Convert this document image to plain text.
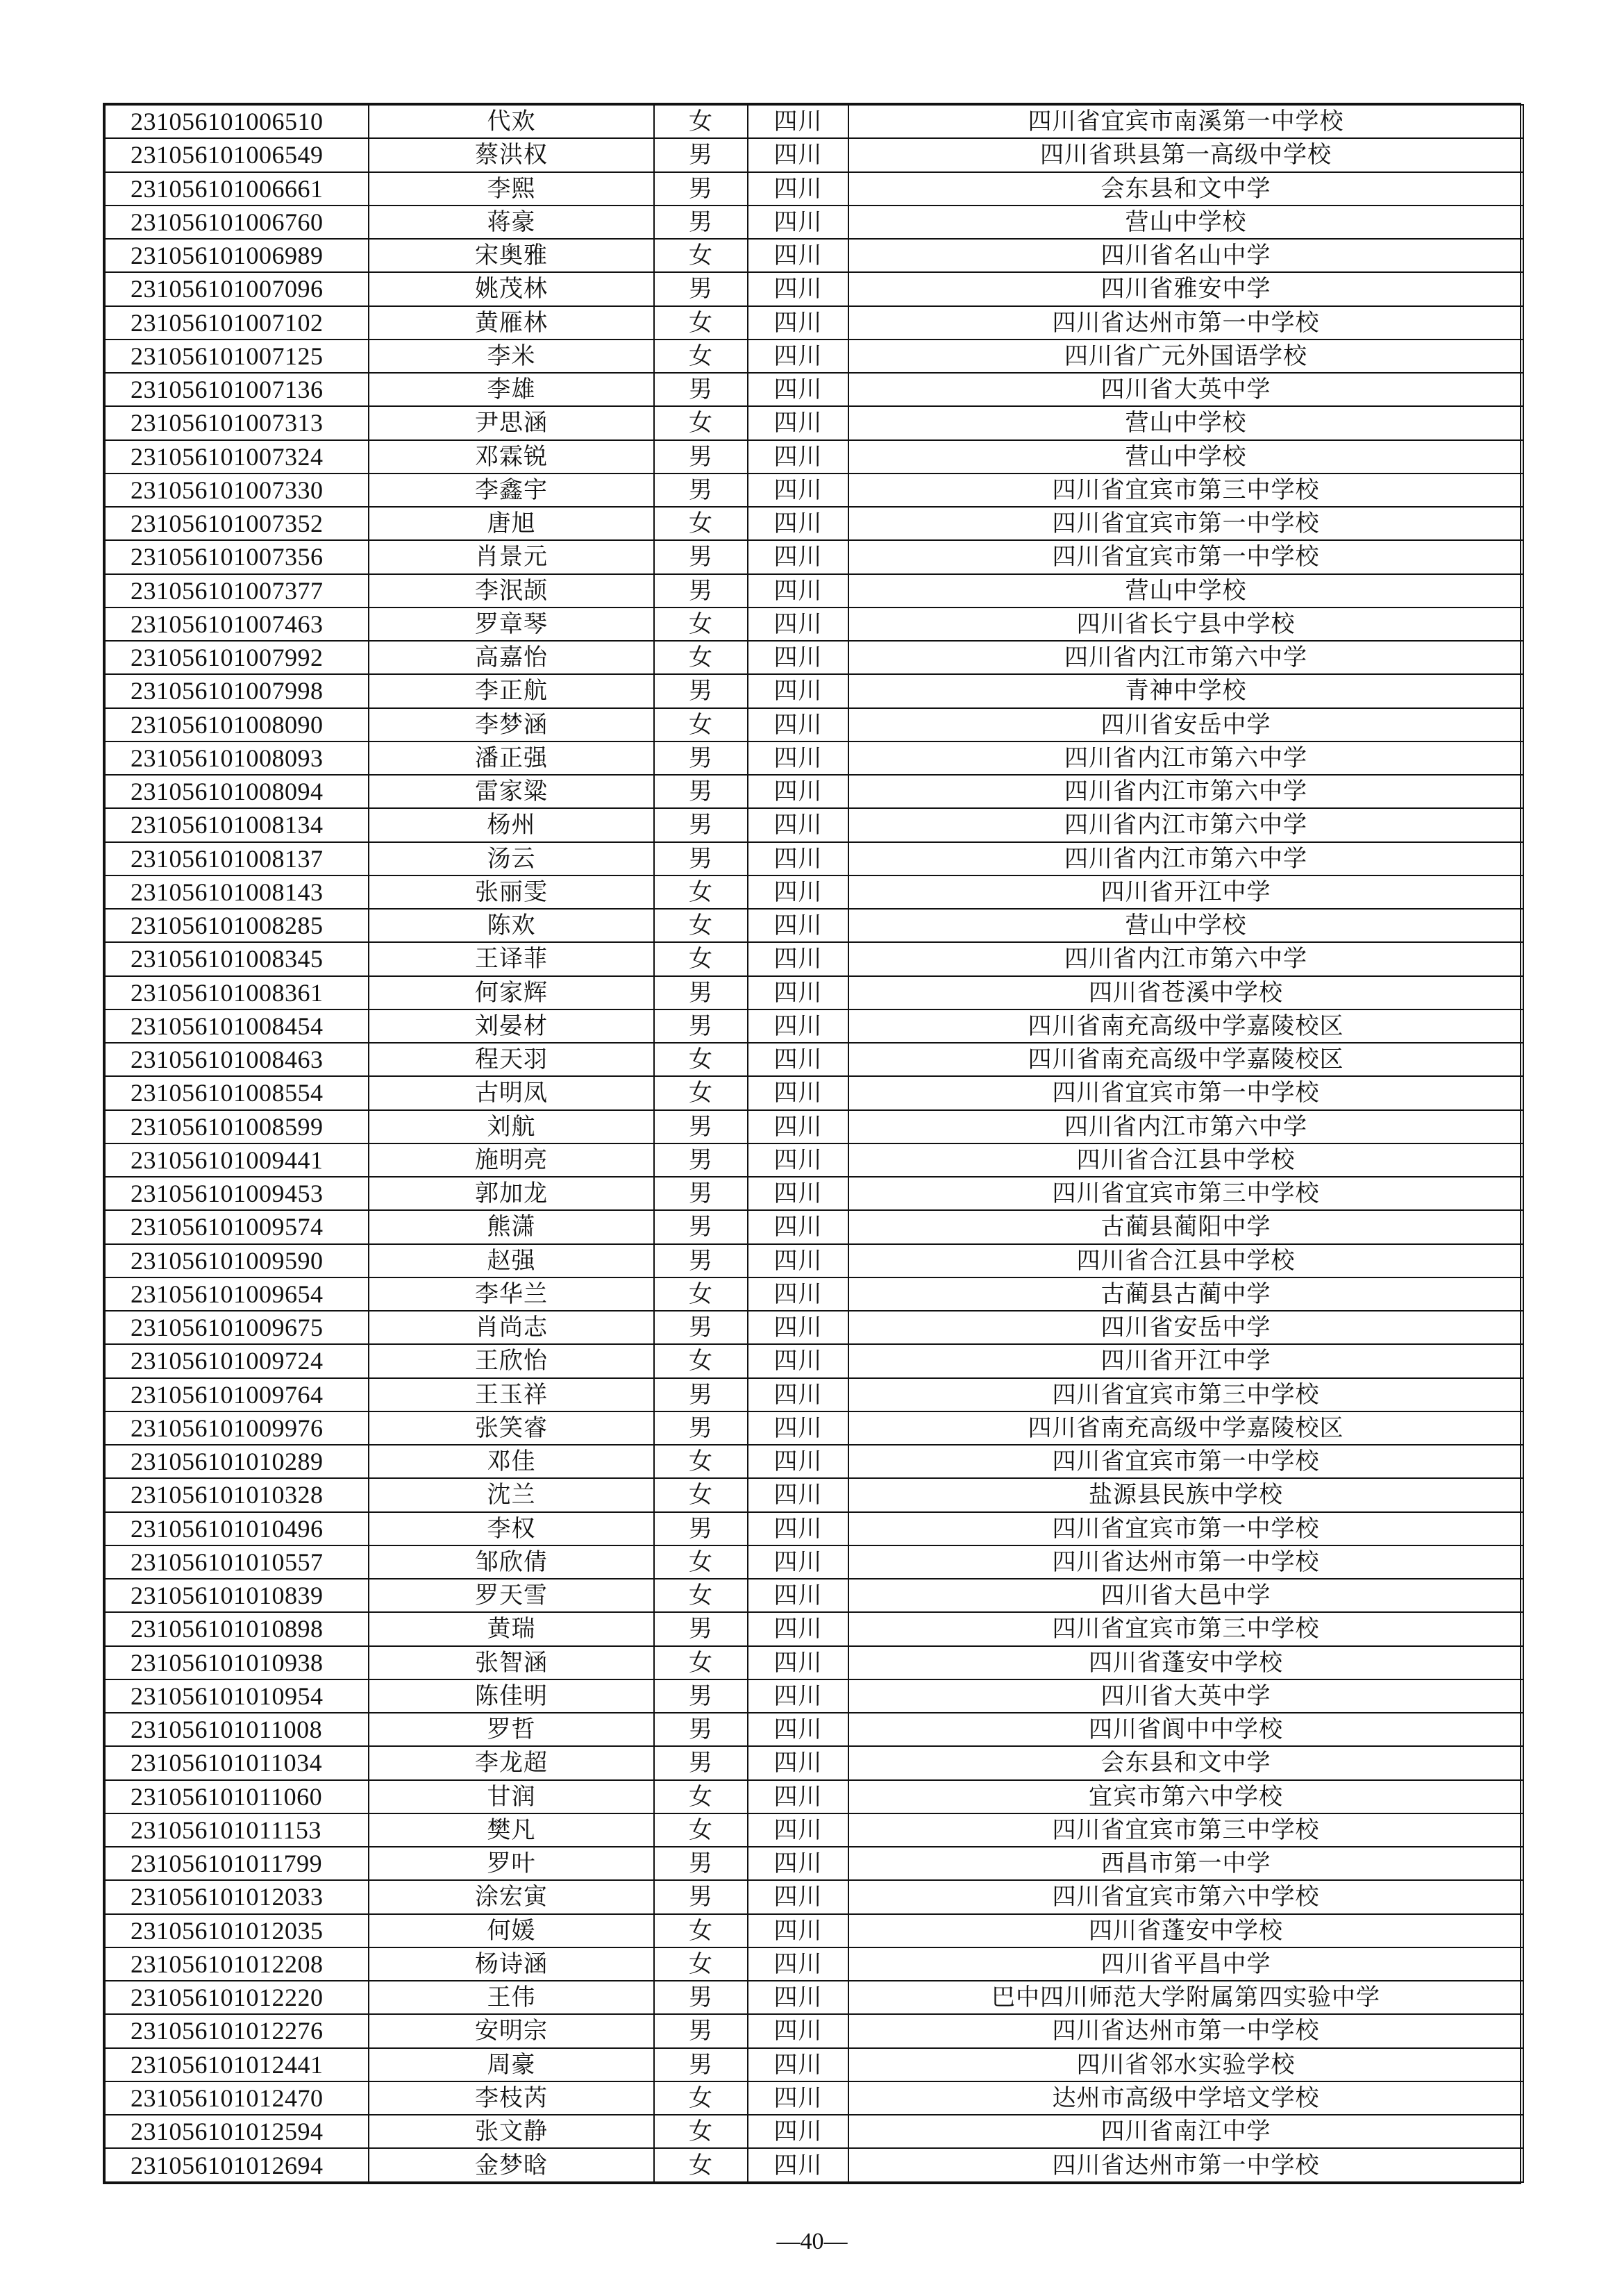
231056101006510	代欢	女	四川	四川省宜宾市南溪第一中学校
231056101006549	蔡洪权	男	四川	四川省珙县第一高级中学校
231056101006661	李熙	男	四川	会东县和文中学
231056101006760	蒋豪	男	四川	营山中学校
231056101006989	宋奥雅	女	四川	四川省名山中学
231056101007096	姚茂林	男	四川	四川省雅安中学
231056101007102	黄雁林	女	四川	四川省达州市第一中学校
231056101007125	李米	女	四川	四川省广元外国语学校
231056101007136	李雄	男	四川	四川省大英中学
231056101007313	尹思涵	女	四川	营山中学校
231056101007324	邓霖锐	男	四川	营山中学校
231056101007330	李鑫宇	男	四川	四川省宜宾市第三中学校
231056101007352	唐旭	女	四川	四川省宜宾市第一中学校
231056101007356	肖景元	男	四川	四川省宜宾市第一中学校
231056101007377	李泯颉	男	四川	营山中学校
231056101007463	罗章琴	女	四川	四川省长宁县中学校
231056101007992	高嘉怡	女	四川	四川省内江市第六中学
231056101007998	李正航	男	四川	青神中学校
231056101008090	李梦涵	女	四川	四川省安岳中学
231056101008093	潘正强	男	四川	四川省内江市第六中学
231056101008094	雷家粱	男	四川	四川省内江市第六中学
231056101008134	杨州	男	四川	四川省内江市第六中学
231056101008137	汤云	男	四川	四川省内江市第六中学
231056101008143	张丽雯	女	四川	四川省开江中学
231056101008285	陈欢	女	四川	营山中学校
231056101008345	王译菲	女	四川	四川省内江市第六中学
231056101008361	何家辉	男	四川	四川省苍溪中学校
231056101008454	刘晏材	男	四川	四川省南充高级中学嘉陵校区
231056101008463	程天羽	女	四川	四川省南充高级中学嘉陵校区
231056101008554	古明凤	女	四川	四川省宜宾市第一中学校
231056101008599	刘航	男	四川	四川省内江市第六中学
231056101009441	施明亮	男	四川	四川省合江县中学校
231056101009453	郭加龙	男	四川	四川省宜宾市第三中学校
231056101009574	熊潇	男	四川	古蔺县蔺阳中学
231056101009590	赵强	男	四川	四川省合江县中学校
231056101009654	李华兰	女	四川	古蔺县古蔺中学
231056101009675	肖尚志	男	四川	四川省安岳中学
231056101009724	王欣怡	女	四川	四川省开江中学
231056101009764	王玉祥	男	四川	四川省宜宾市第三中学校
231056101009976	张笑睿	男	四川	四川省南充高级中学嘉陵校区
231056101010289	邓佳	女	四川	四川省宜宾市第一中学校
231056101010328	沈兰	女	四川	盐源县民族中学校
231056101010496	李权	男	四川	四川省宜宾市第一中学校
231056101010557	邹欣倩	女	四川	四川省达州市第一中学校
231056101010839	罗天雪	女	四川	四川省大邑中学
231056101010898	黄瑞	男	四川	四川省宜宾市第三中学校
231056101010938	张智涵	女	四川	四川省蓬安中学校
231056101010954	陈佳明	男	四川	四川省大英中学
231056101011008	罗哲	男	四川	四川省阆中中学校
231056101011034	李龙超	男	四川	会东县和文中学
231056101011060	甘润	女	四川	宜宾市第六中学校
231056101011153	樊凡	女	四川	四川省宜宾市第三中学校
231056101011799	罗叶	男	四川	西昌市第一中学
231056101012033	涂宏寅	男	四川	四川省宜宾市第六中学校
231056101012035	何媛	女	四川	四川省蓬安中学校
231056101012208	杨诗涵	女	四川	四川省平昌中学
231056101012220	王伟	男	四川	巴中四川师范大学附属第四实验中学
231056101012276	安明宗	男	四川	四川省达州市第一中学校
231056101012441	周豪	男	四川	四川省邻水实验学校
231056101012470	李枝芮	女	四川	达州市高级中学培文学校
231056101012594	张文静	女	四川	四川省南江中学
231056101012694	金梦晗	女	四川	四川省达州市第一中学校
—40—
